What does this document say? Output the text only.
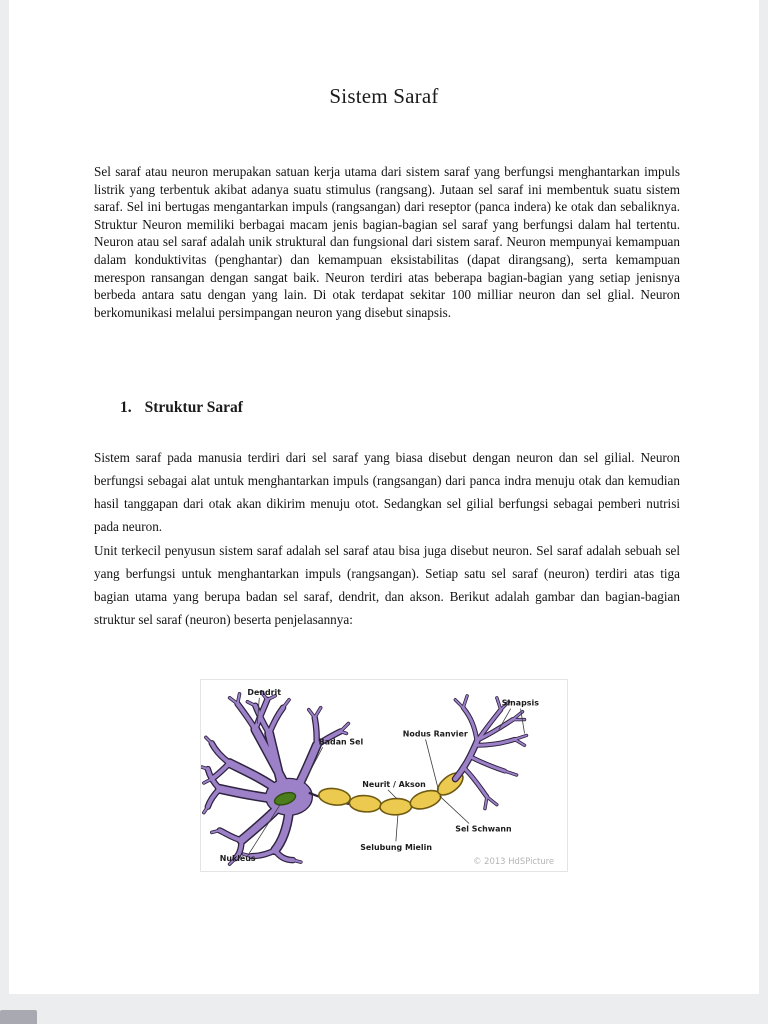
Sistem Saraf

Sel saraf atau neuron merupakan satuan kerja utama dari sistem saraf yang berfungsi menghantarkan impuls listrik yang terbentuk akibat adanya suatu stimulus (rangsang). Jutaan sel saraf ini membentuk suatu sistem saraf. Sel ini bertugas mengantarkan impuls (rangsangan) dari reseptor (panca indera) ke otak dan sebaliknya. Struktur Neuron memiliki berbagai macam jenis bagian-bagian sel saraf yang berfungsi dalam hal tertentu. Neuron atau sel saraf adalah unik struktural dan fungsional dari sistem saraf. Neuron mempunyai kemampuan dalam konduktivitas (penghantar) dan kemampuan eksistabilitas (dapat dirangsang), serta kemampuan merespon ransangan dengan sangat baik. Neuron terdiri atas beberapa bagian-bagian yang setiap jenisnya berbeda antara satu dengan yang lain. Di otak terdapat sekitar 100 milliar neuron dan sel glial. Neuron berkomunikasi melalui persimpangan neuron yang disebut sinapsis.

1. Struktur Saraf

Sistem saraf pada manusia terdiri dari sel saraf yang biasa disebut dengan neuron dan sel gilial. Neuron berfungsi sebagai alat untuk menghantarkan impuls (rangsangan) dari panca indra menuju otak dan kemudian hasil tanggapan dari otak akan dikirim menuju otot. Sedangkan sel gilial berfungsi sebagai pemberi nutrisi pada neuron.

Unit terkecil penyusun sistem saraf adalah sel saraf atau bisa juga disebut neuron. Sel saraf adalah sebuah sel yang berfungsi untuk menghantarkan impuls (rangsangan). Setiap satu sel saraf (neuron) terdiri atas tiga bagian utama yang berupa badan sel saraf, dendrit, dan akson. Berikut adalah gambar dan bagian-bagian struktur sel saraf (neuron) beserta penjelasannya:

Dendrit
Badan Sel
Nukleus
Neurit / Akson
Nodus Ranvier
Sinapsis
Sel Schwann
Selubung Mielin
© 2013 HdSPicture
